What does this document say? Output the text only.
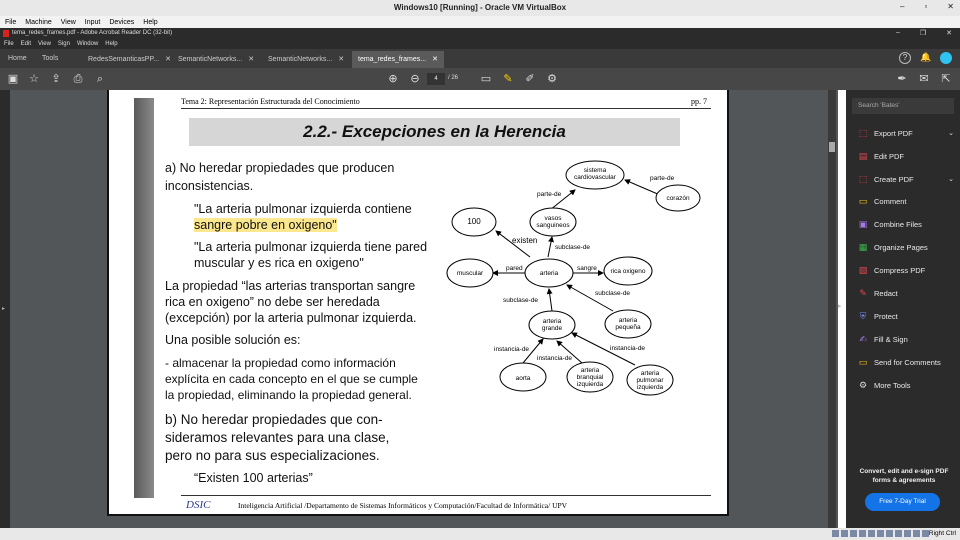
Windows10 [Running] - Oracle VM VirtualBox	–	▫	✕
File Machine View Input Devices Help
tema_redes_frames.pdf - Adobe Acrobat Reader DC (32-bit)	–	❐	✕
File Edit View Sign Window Help
Home	Tools	RedesSemanticasPP... ✕	SemanticNetworks... ✕	SemanticNetworks... ✕	tema_redes_frames... ✕	?	🔔
▣ ☆ ⇪ ⎙	⌕	⊕ ⊖	4	/ 26 ▭ ✎ ✐ ⚙	✒ ✉ ⇱
▸
Tema 2: Representación Estructurada del Conocimiento	pp. 7
2.2.- Excepciones en la Herencia
a) No heredar propiedades que producen
inconsistencias.
"La arteria pulmonar izquierda contiene
sangre pobre en oxigeno"
"La arteria pulmonar izquierda tiene pared
muscular y es rica en oxigeno"
La propiedad “las arterias transportan sangre
rica en oxigeno” no debe ser heredada
(excepción) por la arteria pulmonar izquierda.
Una posible solución es:
- almacenar la propiedad como información
explícita en cada concepto en el que se cumple
la propiedad, eliminando la propiedad general.
b) No heredar propiedades que con-
sideramos relevantes para una clase,
pero no para sus especializaciones.
“Existen 100 arterias”
DSIC	Inteligencia Artificial /Departamento de Sistemas Informáticos y Computación/Facultad de Informática/ UPV
sistema cardiovascular
corazón
vasos sanguineos
100
muscular	arteria	rica oxigeno
arteria grande
arteria pequeña
aorta
arteria branquial izquierda
arteria pulmonar izquierda
parte-de
parte-de
existen
subclase-de
pared	sangre
subclase-de
subclase-de
instancia-de
instancia-de
instancia-de
▸
Search 'Bates'
⬚ Export PDF	⌄
▤ Edit PDF
⬚ Create PDF	⌄
▭ Comment
▣ Combine Files
▦ Organize Pages
▧ Compress PDF
✎ Redact
⛨ Protect
✍ Fill & Sign
▭ Send for Comments
⚙ More Tools
Convert, edit and e-sign PDF forms & agreements
Free 7-Day Trial
Right Ctrl
